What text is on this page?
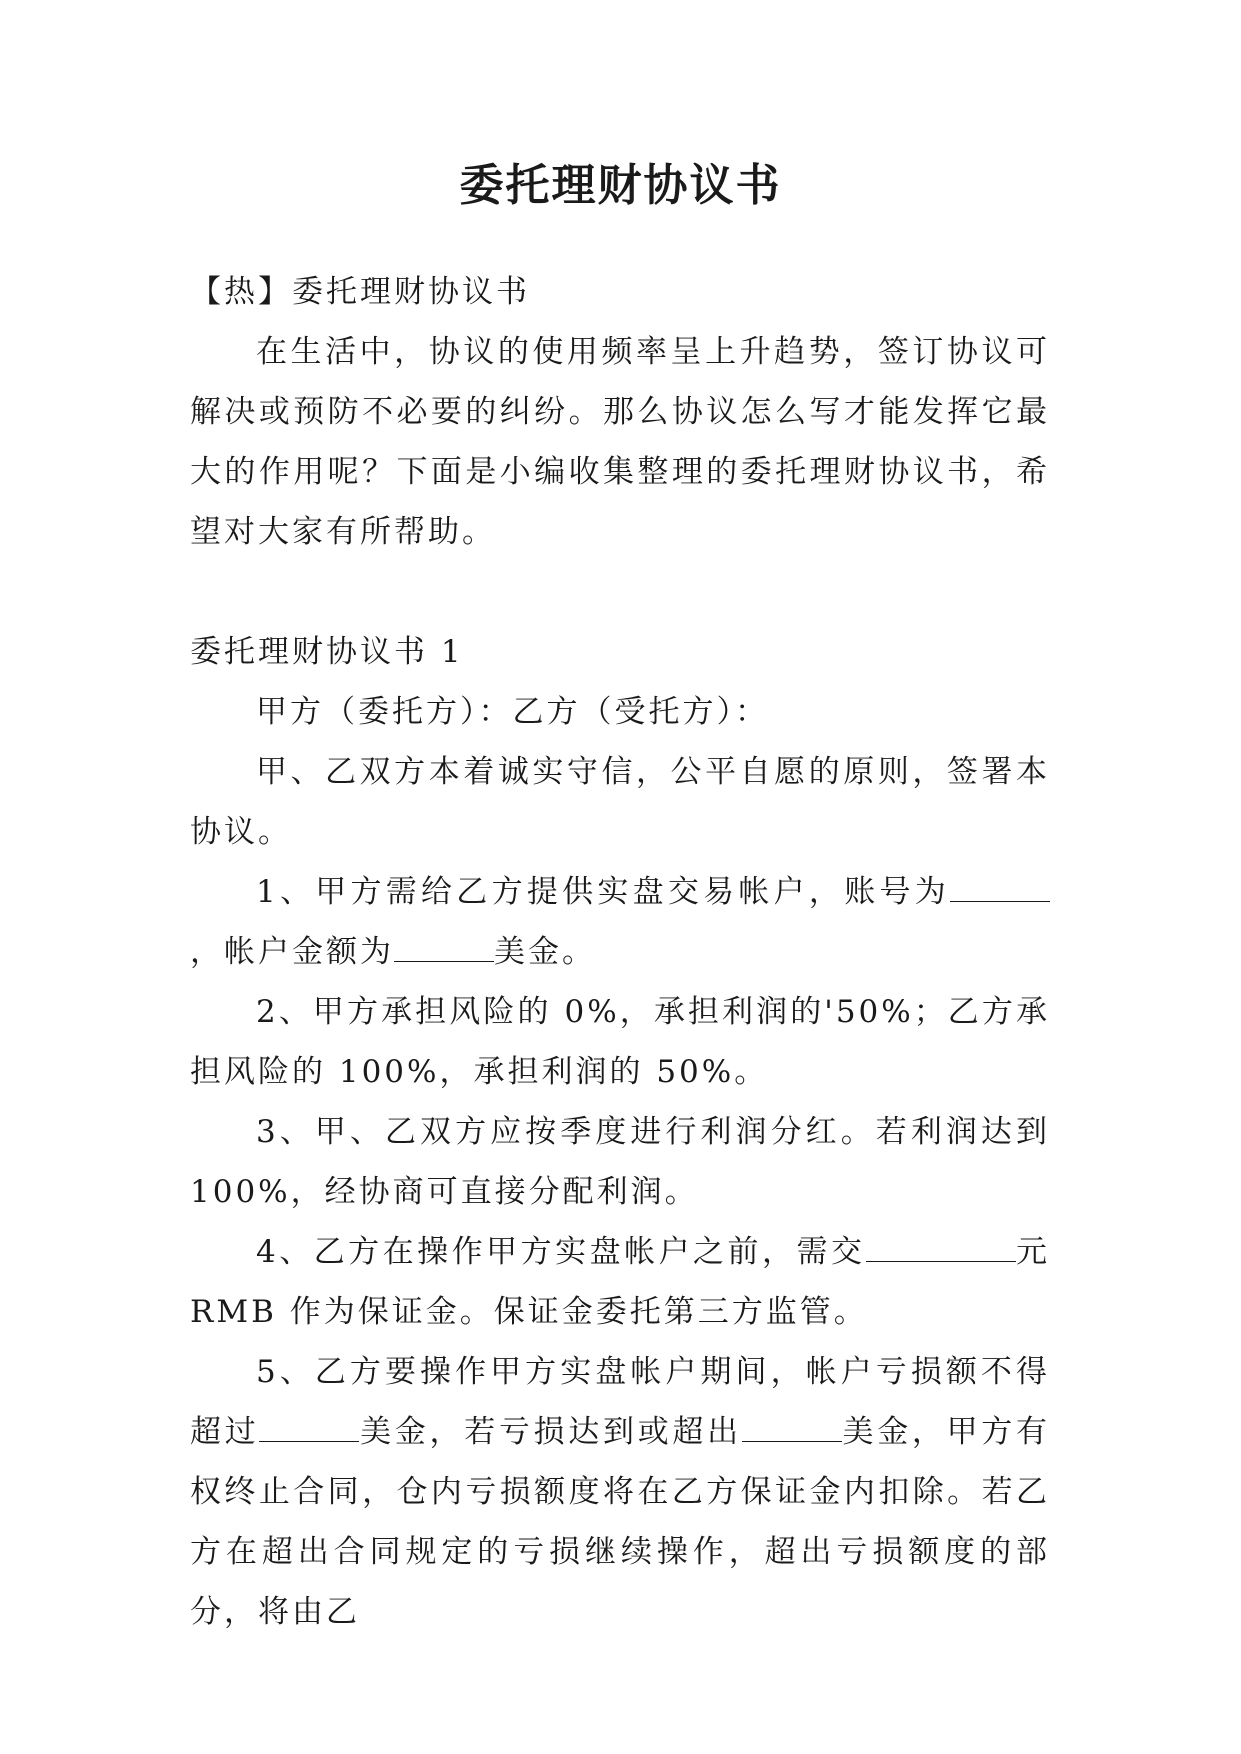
委托理财协议书

【热】委托理财协议书

在生活中，协议的使用频率呈上升趋势，签订协议可解决或预防不必要的纠纷。那么协议怎么写才能发挥它最大的作用呢？下面是小编收集整理的委托理财协议书，希望对大家有所帮助。

委托理财协议书 1

甲方（委托方）：乙方（受托方）：

甲、乙双方本着诚实守信，公平自愿的原则，签署本协议。

1、甲方需给乙方提供实盘交易帐户，账号为，帐户金额为	美金。

2、甲方承担风险的 0%，承担利润的'50%；乙方承担风险的 100%，承担利润的 50%。

3、甲、乙双方应按季度进行利润分红。若利润达到 100%，经协商可直接分配利润。

4、乙方在操作甲方实盘帐户之前，需交	元 RMB 作为保证金。保证金委托第三方监管。

5、乙方要操作甲方实盘帐户期间，帐户亏损额不得超过	美金，若亏损达到或超出	美金，甲方有权终止合同，仓内亏损额度将在乙方保证金内扣除。若乙方在超出合同规定的亏损继续操作，超出亏损额度的部分，将由乙
